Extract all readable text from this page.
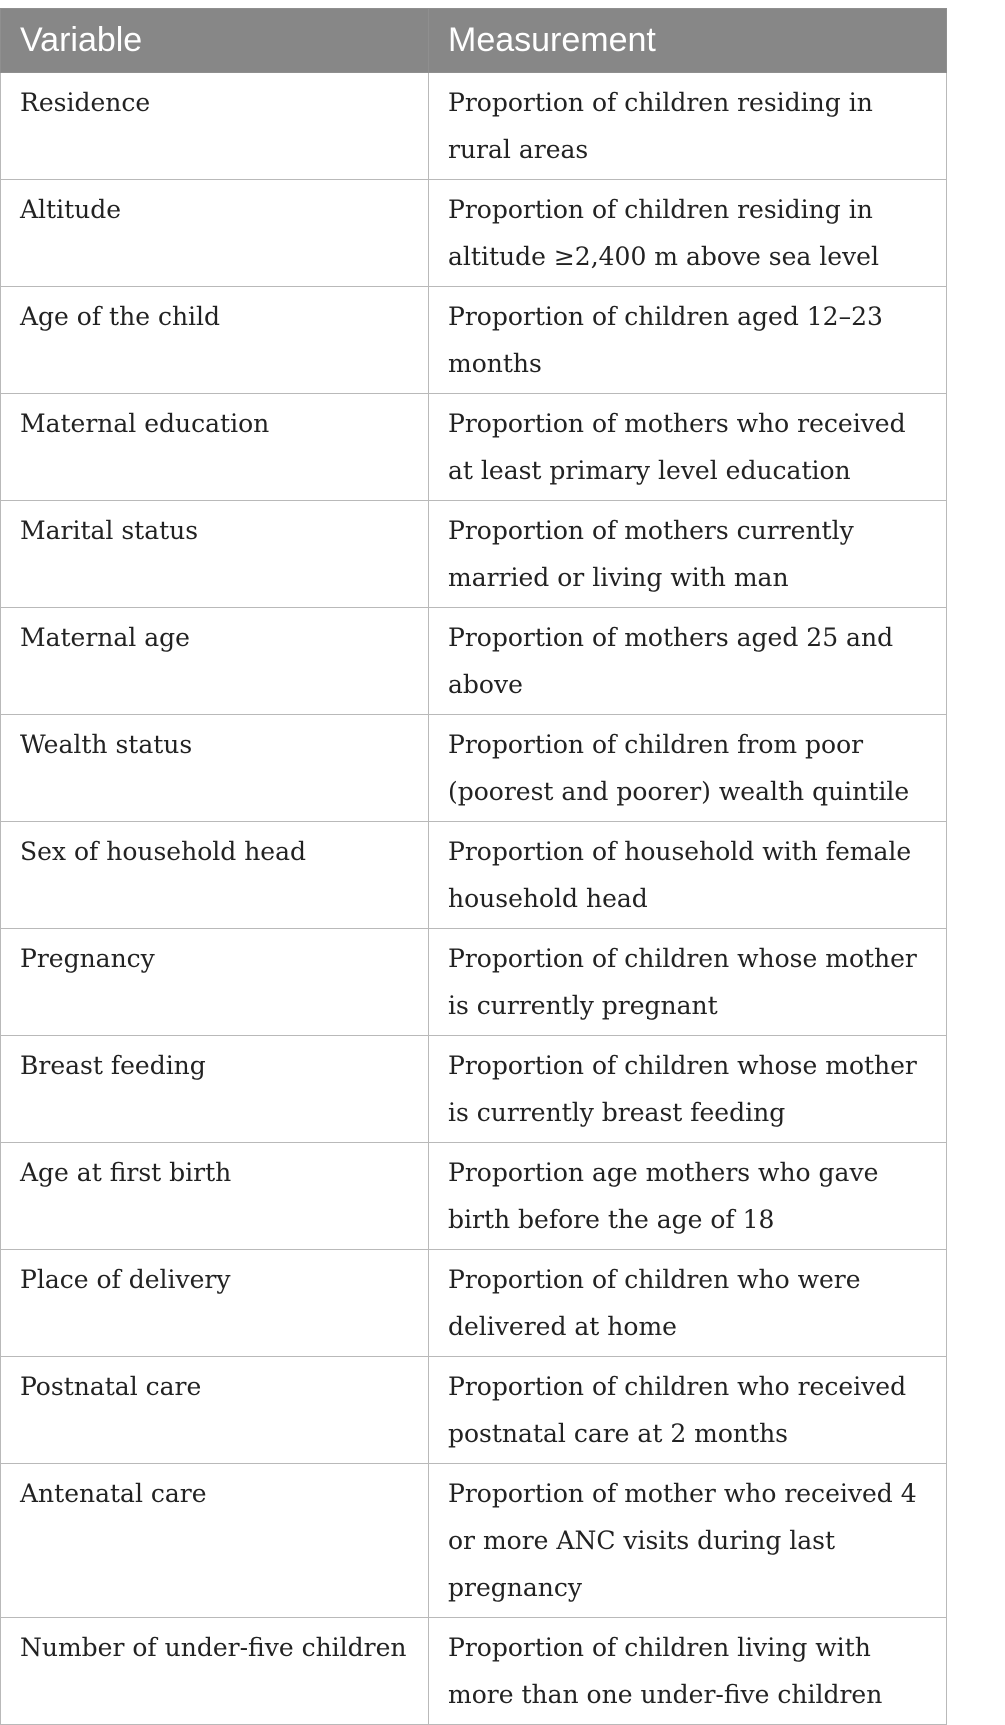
Variable	Measurement
Residence	Proportion of children residing in rural areas
Altitude	Proportion of children residing in altitude ≥2,400 m above sea level
Age of the child	Proportion of children aged 12–23 months
Maternal education	Proportion of mothers who received at least primary level education
Marital status	Proportion of mothers currently married or living with man
Maternal age	Proportion of mothers aged 25 and above
Wealth status	Proportion of children from poor (poorest and poorer) wealth quintile
Sex of household head	Proportion of household with female household head
Pregnancy	Proportion of children whose mother is currently pregnant
Breast feeding	Proportion of children whose mother is currently breast feeding
Age at first birth	Proportion age mothers who gave birth before the age of 18
Place of delivery	Proportion of children who were delivered at home
Postnatal care	Proportion of children who received postnatal care at 2 months
Antenatal care	Proportion of mother who received 4 or more ANC visits during last pregnancy
Number of under-five children	Proportion of children living with more than one under-five children
